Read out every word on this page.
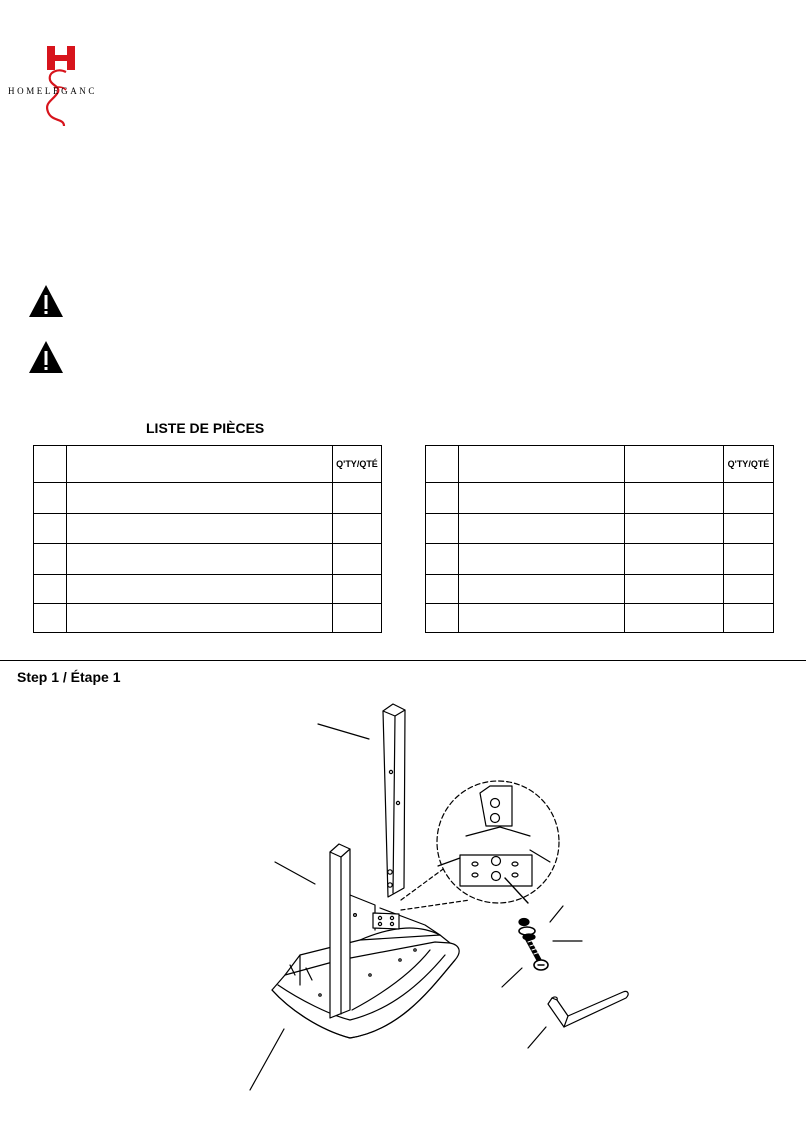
HOMELEGANC
LISTE DE PIÈCES
		Q'TY/QTÉ

				Q'TY/QTÉ

Step 1 / Étape 1
